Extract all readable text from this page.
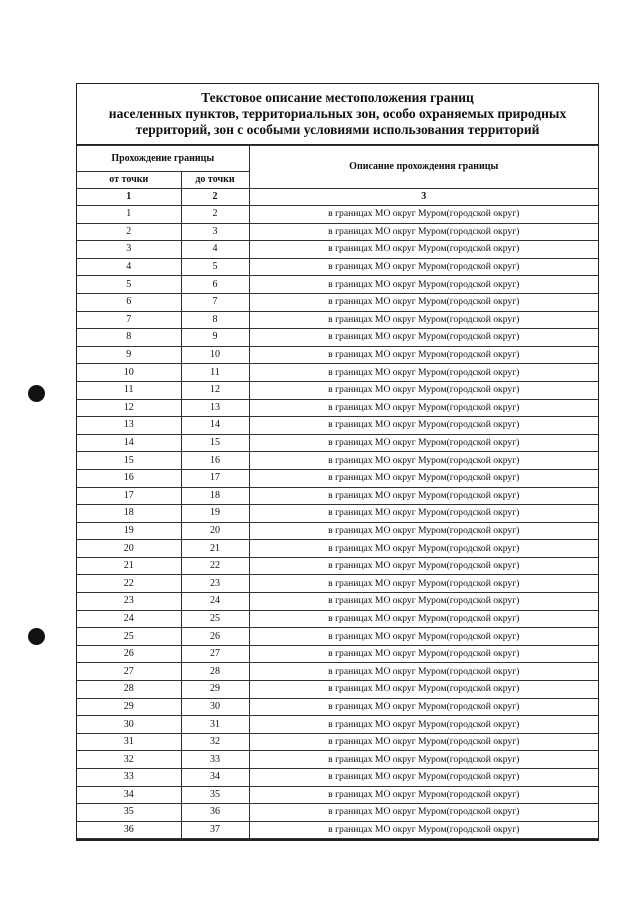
Текстовое описание местоположения границ
населенных пунктов, территориальных зон, особо охраняемых природных
территорий, зон с особыми условиями использования территорий
Прохождение границы		Описание прохождения границы
от точки	до точки	
1	2	3
1	2	в границах МО округ Муром(городской округ)
2	3	в границах МО округ Муром(городской округ)
3	4	в границах МО округ Муром(городской округ)
4	5	в границах МО округ Муром(городской округ)
5	6	в границах МО округ Муром(городской округ)
6	7	в границах МО округ Муром(городской округ)
7	8	в границах МО округ Муром(городской округ)
8	9	в границах МО округ Муром(городской округ)
9	10	в границах МО округ Муром(городской округ)
10	11	в границах МО округ Муром(городской округ)
11	12	в границах МО округ Муром(городской округ)
12	13	в границах МО округ Муром(городской округ)
13	14	в границах МО округ Муром(городской округ)
14	15	в границах МО округ Муром(городской округ)
15	16	в границах МО округ Муром(городской округ)
16	17	в границах МО округ Муром(городской округ)
17	18	в границах МО округ Муром(городской округ)
18	19	в границах МО округ Муром(городской округ)
19	20	в границах МО округ Муром(городской округ)
20	21	в границах МО округ Муром(городской округ)
21	22	в границах МО округ Муром(городской округ)
22	23	в границах МО округ Муром(городской округ)
23	24	в границах МО округ Муром(городской округ)
24	25	в границах МО округ Муром(городской округ)
25	26	в границах МО округ Муром(городской округ)
26	27	в границах МО округ Муром(городской округ)
27	28	в границах МО округ Муром(городской округ)
28	29	в границах МО округ Муром(городской округ)
29	30	в границах МО округ Муром(городской округ)
30	31	в границах МО округ Муром(городской округ)
31	32	в границах МО округ Муром(городской округ)
32	33	в границах МО округ Муром(городской округ)
33	34	в границах МО округ Муром(городской округ)
34	35	в границах МО округ Муром(городской округ)
35	36	в границах МО округ Муром(городской округ)
36	37	в границах МО округ Муром(городской округ)
